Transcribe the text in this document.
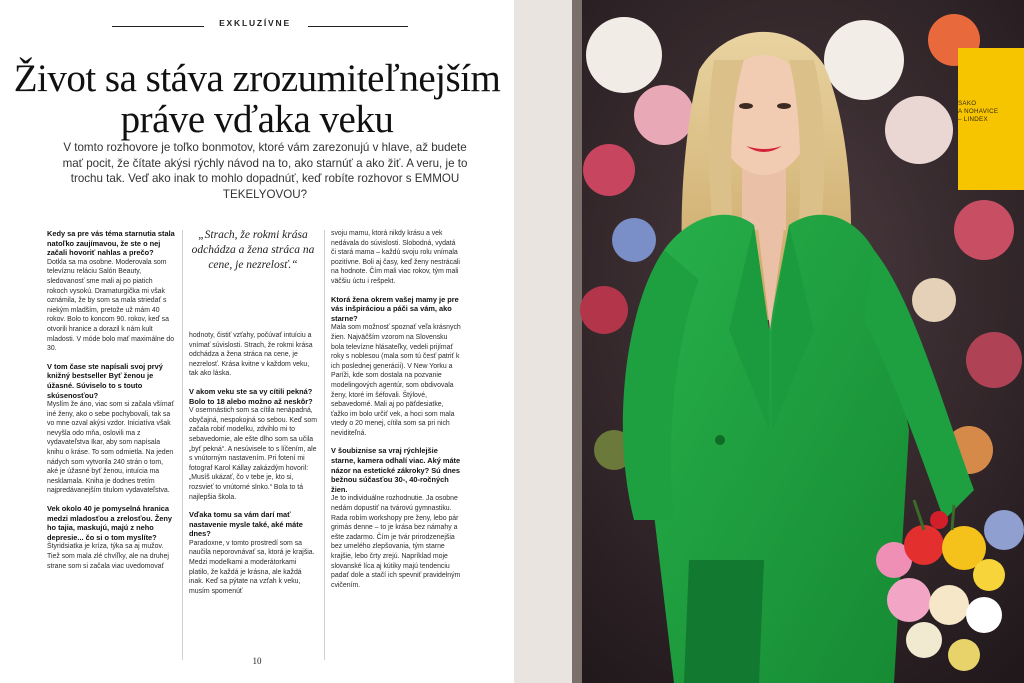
EXKLUZÍVNE
Život sa stáva zrozumiteľnejším
práve vďaka veku
V tomto rozhovore je toľko bonmotov, ktoré vám zarezonujú v hlave, až budete mať pocit, že čítate akýsi rýchly návod na to, ako starnúť a ako žiť. A veru, je to trochu tak. Veď ako inak to mohlo dopadnúť, keď robíte rozhovor s EMMOU TEKELYOVOU?

Kedy sa pre vás téma starnutia stala natoľko zaujímavou, že ste o nej začali hovoriť nahlas a prečo?

Dotkla sa ma osobne. Moderovala som televíznu reláciu Salón Beauty, sledovanosť sme mali aj po piatich rokoch vysokú. Dramaturgička mi však oznámila, že by som sa mala striedať s niekým mladším, pretože už mám 40 rokov. Bolo to koncom 90. rokov, keď sa otvorili hranice a dorazil k nám kult mladosti. V móde bolo mať maximálne do 30.

V tom čase ste napísali svoj prvý knižný bestseller Byť ženou je úžasné. Súviselo to s touto skúsenosťou?

Myslím že áno, viac som si začala všímať iné ženy, ako o sebe pochybovali, tak sa vo mne ozval akýsi vzdor. Iniciatíva však nevyšla odo mňa, oslovili ma z vydavateľstva Ikar, aby som napísala knihu o kráse. To som odmietla. Na jeden nádych som vytvorila 240 strán o tom, aké je úžasné byť ženou, intuícia ma nesklamala. Kniha je dodnes tretím najpredávanejším titulom vydavateľstva.

Vek okolo 40 je pomyselná hranica medzi mladosťou a zrelosťou. Ženy ho tajia, maskujú, majú z neho depresie... čo si o tom myslíte?

Štyridsiatka je kríza, týka sa aj mužov. Tiež som mala zlé chvíľky, ale na druhej strane som si začala viac uvedomovať

„Strach, že rokmi krása odchádza a žena stráca na cene, je nezrelosť.“

hodnoty, čistiť vzťahy, počúvať intuíciu a vnímať súvislosti. Strach, že rokmi krása odchádza a žena stráca na cene, je nezrelosť. Krása kvitne v každom veku, tak ako láska.

V akom veku ste sa vy cítili pekná? Bolo to 18 alebo možno až neskôr?

V osemnástich som sa cítila nenápadná, obyčajná, nespokojná so sebou. Keď som začala robiť modelku, zdvihlo mi to sebavedomie, ale ešte dlho som sa učila „byť pekná“. A nesúvisele to s líčením, ale s vnútorným nastavením. Pri fotení mi fotograf Karol Kállay zakázdým hovoril: „Musíš ukázať, čo v tebe je, kto si, rozsvieť to vnútorné slnko.“ Bola to tá najlepšia škola.

Vďaka tomu sa vám darí mať nastavenie mysle také, aké máte dnes?

Paradoxne, v tomto prostredí som sa naučila neporovnávať sa, ktorá je krajšia. Medzi modelkami a moderátorkami platilo, že každá je krásna, ale každá inak. Keď sa pýtate na vzťah k veku, musím spomenúť

svoju mamu, ktorá nikdy krásu a vek nedávala do súvislosti. Slobodná, vydatá či stará mama – každú svoju rolu vnímala pozitívne. Boli aj časy, keď ženy nestrácali na hodnote. Čím mali viac rokov, tým mali väčšiu úctu i rešpekt.

Ktorá žena okrem vašej mamy je pre vás inšpiráciou a páči sa vám, ako starne?

Mala som možnosť spoznať veľa krásnych žien. Najväčším vzorom na Slovensku bola televízne hlásateľky, vedeli prijímať roky s noblesou (mala som tú česť patriť k ich poslednej generácii). V New Yorku a Paríži, kde som dostala na pozvanie modelingových agentúr, som obdivovala ženy, ktoré im šéfovali. Štýlové, sebavedomé. Mali aj po päťdesiatke, ťažko im bolo určiť vek, a hoci som mala vtedy o 20 menej, cítila som sa pri nich neviditeľná.

V šoubiznise sa vraj rýchlejšie starne, kamera odhalí viac. Aký máte názor na estetické zákroky? Sú dnes bežnou súčasťou 30-, 40-ročných žien.

Je to individuálne rozhodnutie. Ja osobne nedám dopustiť na tvárovú gymnastiku. Rada robím workshopy pre ženy, lebo pár grimás denne – to je krása bez námahy a ešte zadarmo. Čím je tvár prirodzenejšia bez umelého zlepšovania, tým starne krajšie, lebo črty zrejú. Napríklad moje slovanské líca aj kútiky majú tendenciu padať dole a stačí ich spevniť pravidelným cvičením.

10
SAKO
A NOHAVICE
– LINDEX
